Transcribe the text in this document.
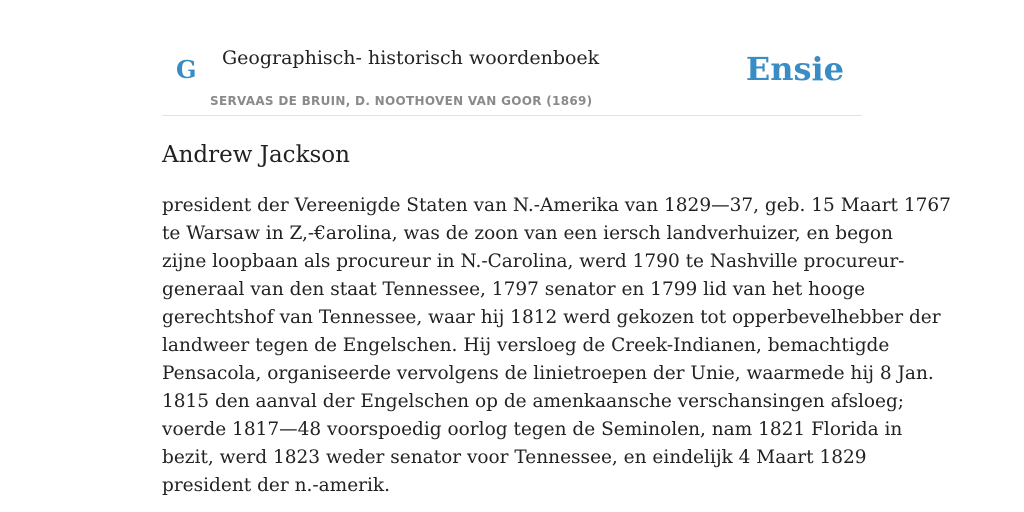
G Geographisch- historisch woordenboek
SERVAAS DE BRUIN, D. NOOTHOVEN VAN GOOR (1869)
Ensie
Andrew Jackson
president der Vereenigde Staten van N.-Amerika van 1829—37, geb. 15 Maart 1767
te Warsaw in Z,-€arolina, was de zoon van een iersch landverhuizer, en begon
zijne loopbaan als procureur in N.-Carolina, werd 1790 te Nashville procureur-
generaal van den staat Tennessee, 1797 senator en 1799 lid van het hooge
gerechtshof van Tennessee, waar hij 1812 werd gekozen tot opperbevelhebber der
landweer tegen de Engelschen. Hij versloeg de Creek-Indianen, bemachtigde
Pensacola, organiseerde vervolgens de linietroepen der Unie, waarmede hij 8 Jan.
1815 den aanval der Engelschen op de amenkaansche verschansingen afsloeg;
voerde 1817—48 voorspoedig oorlog tegen de Seminolen, nam 1821 Florida in
bezit, werd 1823 weder senator voor Tennessee, en eindelijk 4 Maart 1829
president der n.-amerik.
